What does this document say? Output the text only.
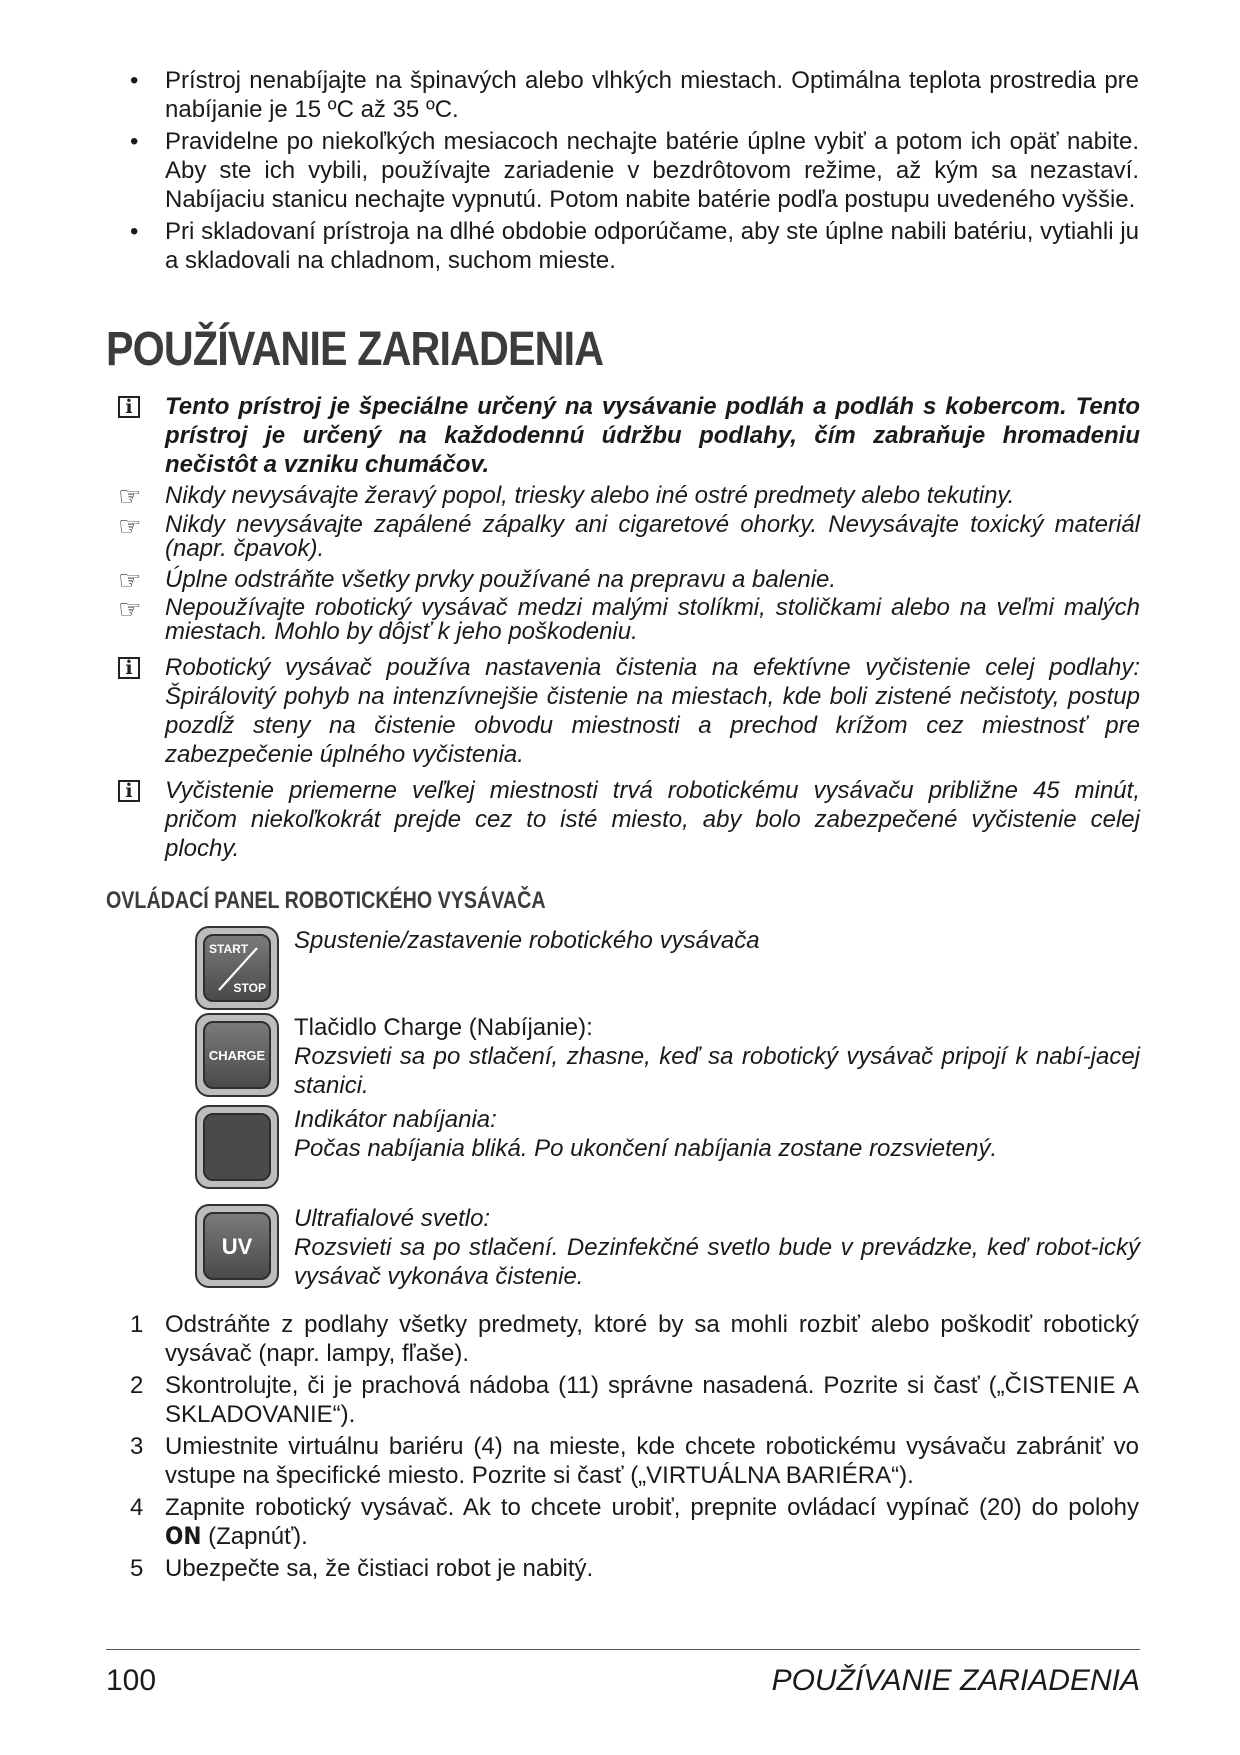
• Prístroj nenabíjajte na špinavých alebo vlhkých miestach. Optimálna teplota prostredia pre nabíjanie je 15 ºC až 35 ºC.
• Pravidelne po niekoľkých mesiacoch nechajte batérie úplne vybiť a potom ich opäť nabite. Aby ste ich vybili, používajte zariadenie v bezdrôtovom režime, až kým sa nezastaví. Nabíjaciu stanicu nechajte vypnutú. Potom nabite batérie podľa postupu uvedeného vyššie.
• Pri skladovaní prístroja na dlhé obdobie odporúčame, aby ste úplne nabili batériu, vytiahli ju a skladovali na chladnom, suchom mieste.
POUŽÍVANIE ZARIADENIA
i	Tento prístroj je špeciálne určený na vysávanie podláh a podláh s kobercom. Tento prístroj je určený na každodennú údržbu podlahy, čím zabraňuje hromadeniu nečistôt a vzniku chumáčov.
☞ Nikdy nevysávajte žeravý popol, triesky alebo iné ostré predmety alebo tekutiny.
☞ Nikdy nevysávajte zapálené zápalky ani cigaretové ohorky. Nevysávajte toxický materiál (napr. čpavok).
☞ Úplne odstráňte všetky prvky používané na prepravu a balenie.
☞ Nepoužívajte robotický vysávač medzi malými stolíkmi, stoličkami alebo na veľmi malých miestach. Mohlo by dôjsť k jeho poškodeniu.
i	Robotický vysávač používa nastavenia čistenia na efektívne vyčistenie celej podlahy: Špirálovitý pohyb na intenzívnejšie čistenie na miestach, kde boli zistené nečistoty, postup pozdĺž steny na čistenie obvodu miestnosti a prechod krížom cez miestnosť pre zabezpečenie úplného vyčistenia.
i	Vyčistenie priemerne veľkej miestnosti trvá robotickému vysávaču približne 45 minút, pričom niekoľkokrát prejde cez to isté miesto, aby bolo zabezpečené vyčistenie celej plochy.
OVLÁDACÍ PANEL ROBOTICKÉHO VYSÁVAČA
START
STOP
Spustenie/zastavenie robotického vysávača
CHARGE
Tlačidlo Charge (Nabíjanie):
Rozsvieti sa po stlačení, zhasne, keď sa robotický vysávač pripojí k nabí-jacej stanici.
Indikátor nabíjania:
Počas nabíjania bliká. Po ukončení nabíjania zostane rozsvietený.
UV
Ultrafialové svetlo:
Rozsvieti sa po stlačení. Dezinfekčné svetlo bude v prevádzke, keď robot-ický vysávač vykonáva čistenie.
1 Odstráňte z podlahy všetky predmety, ktoré by sa mohli rozbiť alebo poškodiť robotický vysávač (napr. lampy, fľaše).
2 Skontrolujte, či je prachová nádoba (11) správne nasadená. Pozrite si časť („ČISTENIE A SKLADOVANIE“).
3 Umiestnite virtuálnu bariéru (4) na mieste, kde chcete robotickému vysávaču zabrániť vo vstupe na špecifické miesto. Pozrite si časť („VIRTUÁLNA BARIÉRA“).
4 Zapnite robotický vysávač. Ak to chcete urobiť, prepnite ovládací vypínač (20) do polohy ON (Zapnúť).
5 Ubezpečte sa, že čistiaci robot je nabitý.
100	POUŽÍVANIE ZARIADENIA
